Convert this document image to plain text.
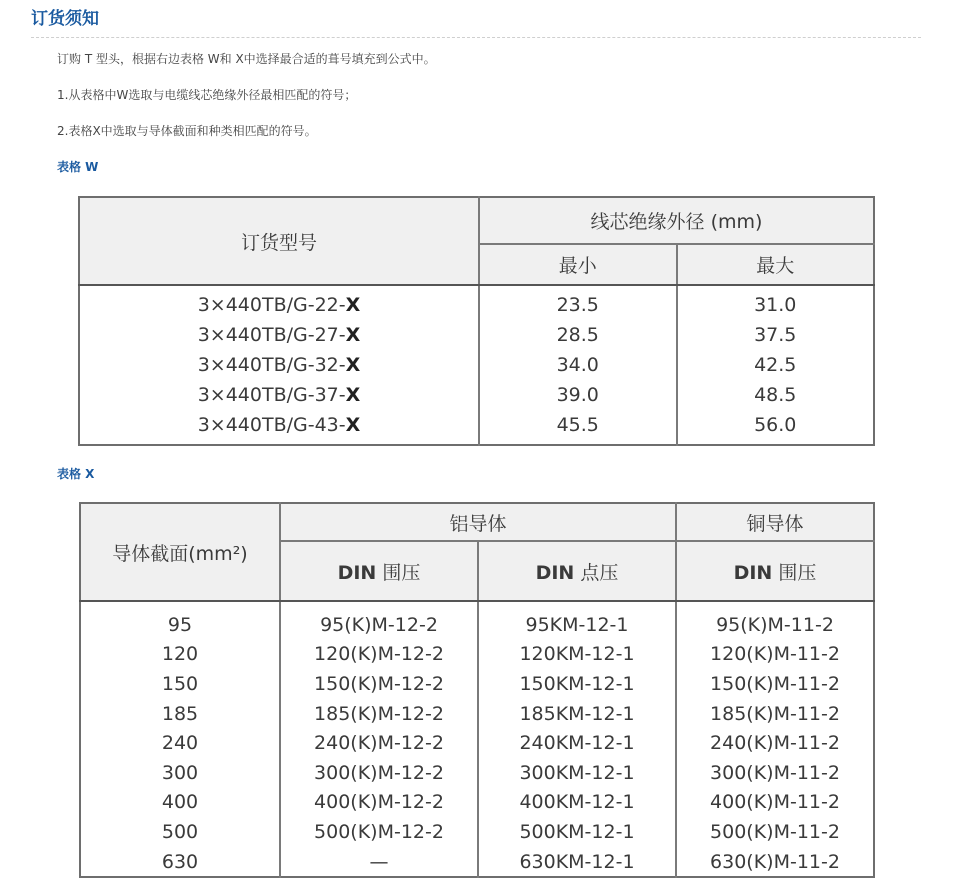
订货须知
订购 T 型头，根据右边表格 W和 X中选择最合适的葺号填充到公式中。
1.从表格中W选取与电缆线芯绝缘外径最相匹配的符号；
2.表格X中选取与导体截面和种类相匹配的符号。
表格 W
订货型号	线芯绝缘外径 (mm)	
	最小	最大
3×440TB/G-22-X	23.5	31.0
3×440TB/G-27-X	28.5	37.5
3×440TB/G-32-X	34.0	42.5
3×440TB/G-37-X	39.0	48.5
3×440TB/G-43-X	45.5	56.0
表格 X
导体截面(mm²)	铝导体		铜导体
	DIN 围压	DIN 点压	DIN 围压
95	95(K)M-12-2	95KM-12-1	95(K)M-11-2
120	120(K)M-12-2	120KM-12-1	120(K)M-11-2
150	150(K)M-12-2	150KM-12-1	150(K)M-11-2
185	185(K)M-12-2	185KM-12-1	185(K)M-11-2
240	240(K)M-12-2	240KM-12-1	240(K)M-11-2
300	300(K)M-12-2	300KM-12-1	300(K)M-11-2
400	400(K)M-12-2	400KM-12-1	400(K)M-11-2
500	500(K)M-12-2	500KM-12-1	500(K)M-11-2
630	—	630KM-12-1	630(K)M-11-2
